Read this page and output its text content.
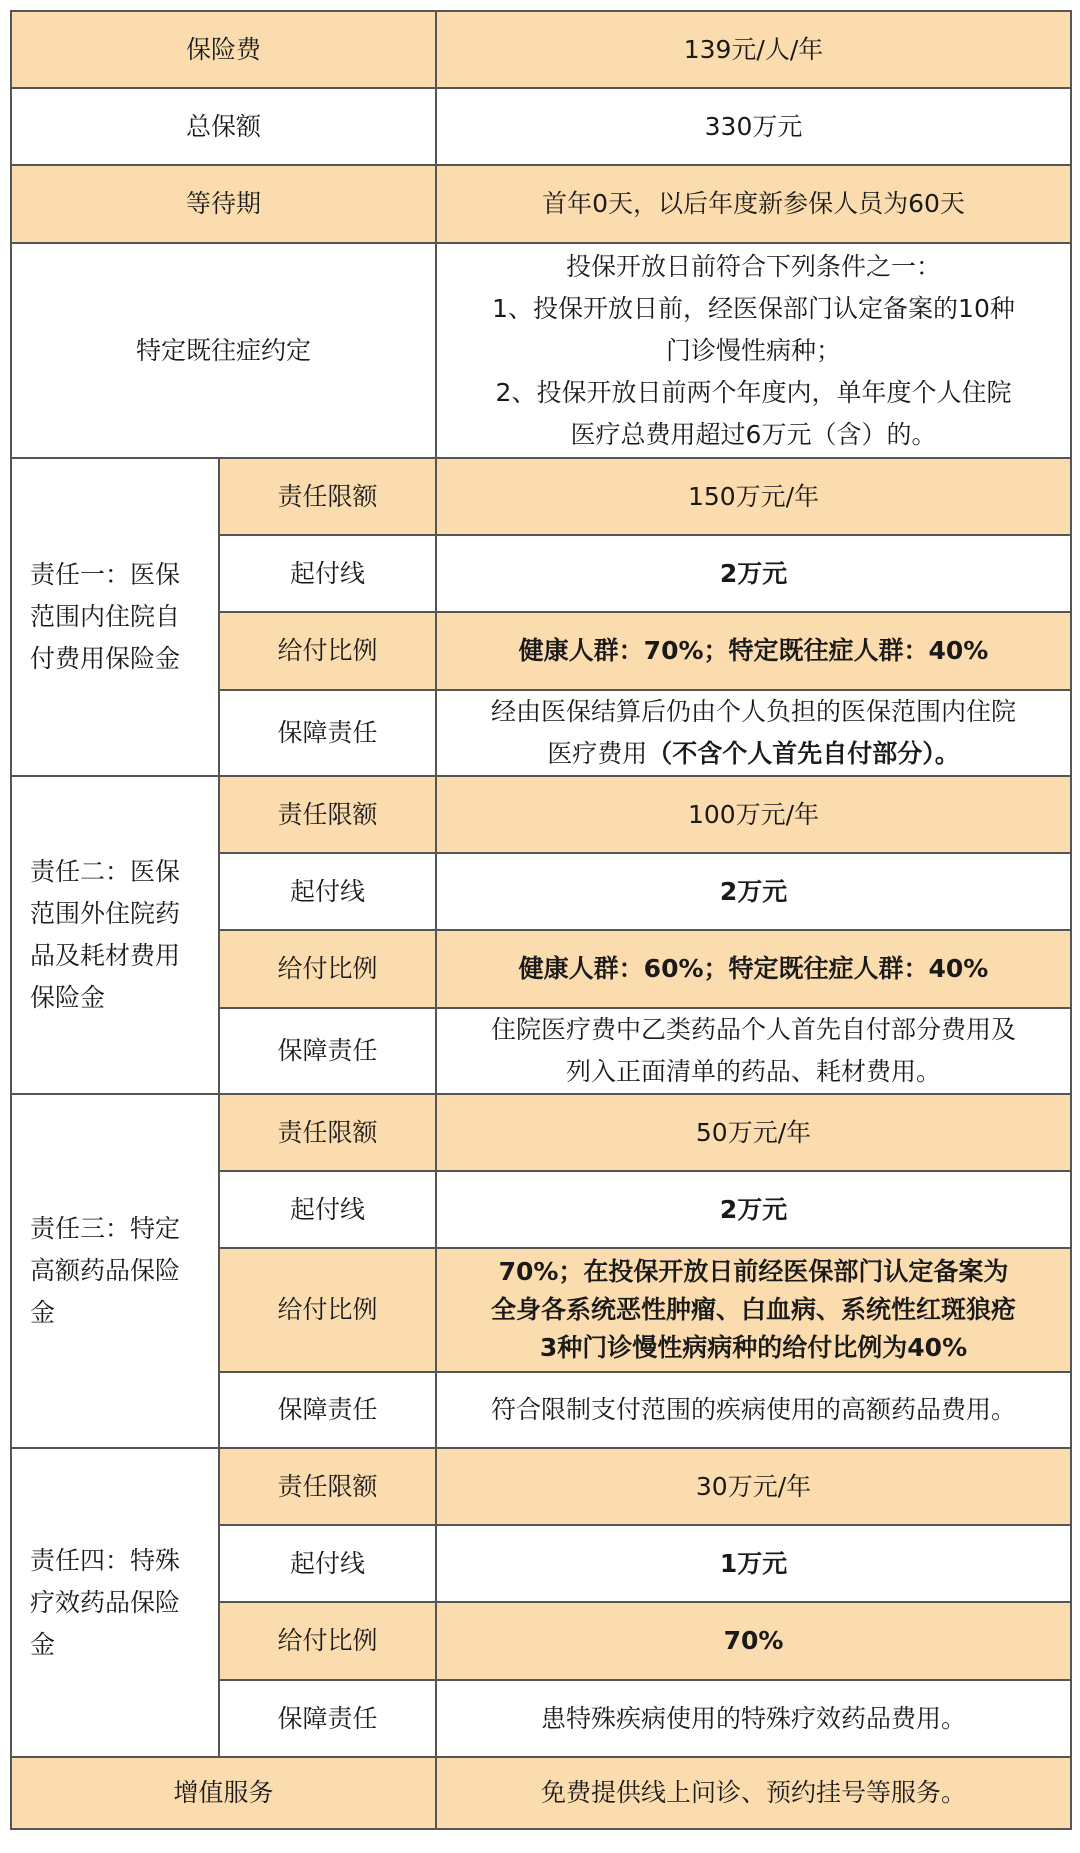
保险费		139元/人/年
总保额		330万元
等待期		首年0天，以后年度新参保人员为60天
特定既往症约定		投保开放日前符合下列条件之一：
1、投保开放日前，经医保部门认定备案的10种
门诊慢性病种；
2、投保开放日前两个年度内，单年度个人住院
医疗总费用超过6万元（含）的。

责任一：医保
范围内住院自
付费用保险金	责任限额	150万元/年
	起付线	2万元
	给付比例	健康人群：70%；特定既往症人群：40%
	保障责任	经由医保结算后仍由个人负担的医保范围内住院
医疗费用（不含个人首先自付部分）。

责任二：医保
范围外住院药
品及耗材费用
保险金	责任限额	100万元/年
	起付线	2万元
	给付比例	健康人群：60%；特定既往症人群：40%
	保障责任	住院医疗费中乙类药品个人首先自付部分费用及
列入正面清单的药品、耗材费用。

责任三：特定
高额药品保险
金	责任限额	50万元/年
	起付线	2万元
	给付比例	70%；在投保开放日前经医保部门认定备案为
全身各系统恶性肿瘤、白血病、系统性红斑狼疮
3种门诊慢性病病种的给付比例为40%

	保障责任	符合限制支付范围的疾病使用的高额药品费用。

责任四：特殊
疗效药品保险
金	责任限额	30万元/年
	起付线	1万元
	给付比例	70%
	保障责任	患特殊疾病使用的特殊疗效药品费用。
增值服务		免费提供线上问诊、预约挂号等服务。
